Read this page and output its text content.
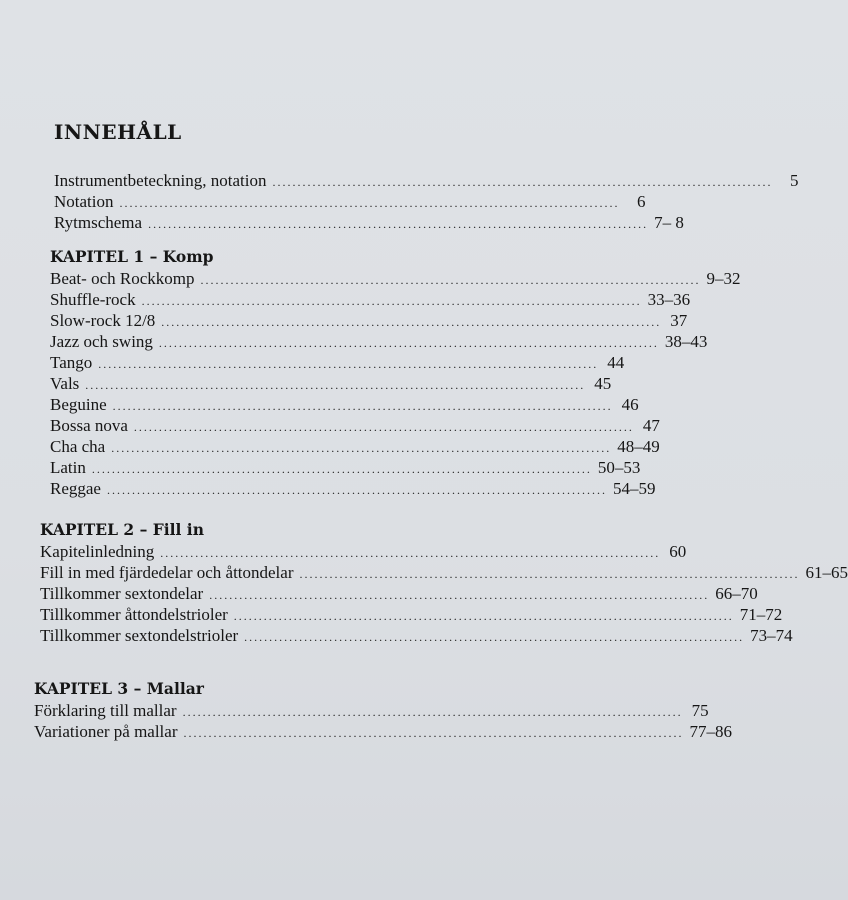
INNEHÅLL
Instrumentbeteckning, notation ....................................................................................................	5
Notation ....................................................................................................	6
Rytmschema .................................................................................................... 7– 8
KAPITEL 1 – Komp
Beat- och Rockkomp .................................................................................................... 9–32
Shuffle-rock .................................................................................................... 33–36
Slow-rock 12/8 .................................................................................................... 37
Jazz och swing .................................................................................................... 38–43
Tango .................................................................................................... 44
Vals .................................................................................................... 45
Beguine .................................................................................................... 46
Bossa nova .................................................................................................... 47
Cha cha .................................................................................................... 48–49
Latin .................................................................................................... 50–53
Reggae .................................................................................................... 54–59
KAPITEL 2 – Fill in
Kapitelinledning .................................................................................................... 60
Fill in med fjärdedelar och åttondelar .................................................................................................... 61–65
Tillkommer sextondelar .................................................................................................... 66–70
Tillkommer åttondelstrioler .................................................................................................... 71–72
Tillkommer sextondelstrioler .................................................................................................... 73–74
KAPITEL 3 – Mallar
Förklaring till mallar .................................................................................................... 75
Variationer på mallar .................................................................................................... 77–86
